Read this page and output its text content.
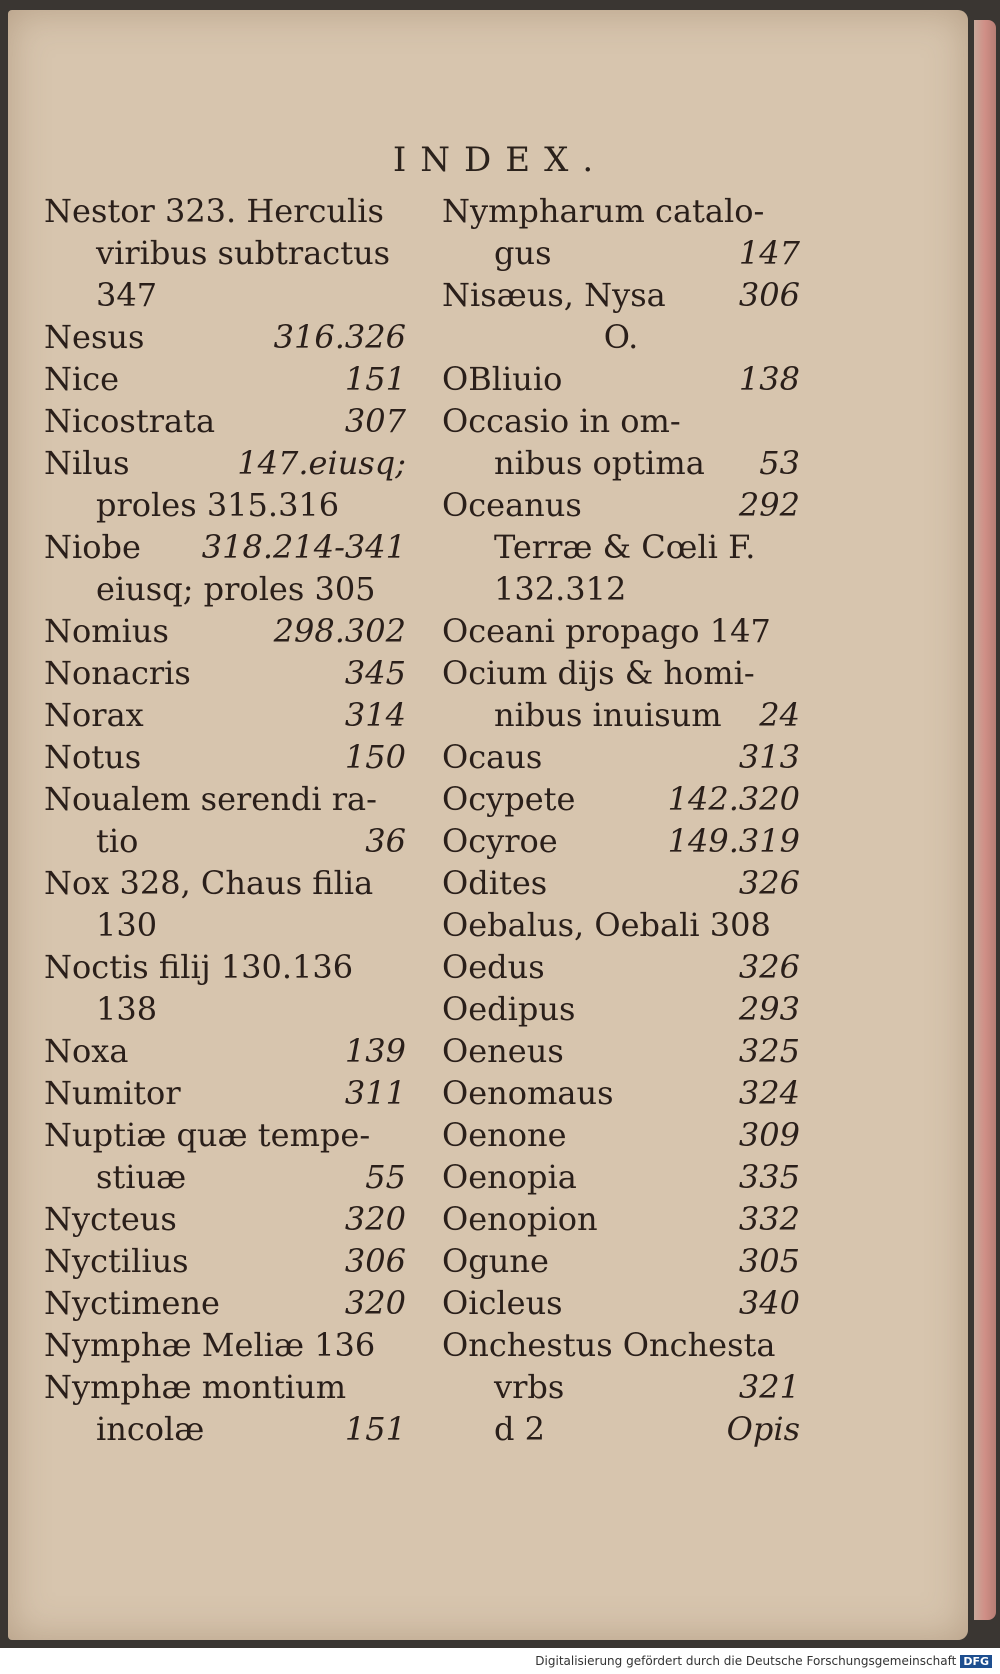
INDEX.
Nestor 323. Herculis
viribus subtractus
347
Nesus	316.326
Nice	151
Nicostrata	307
Nilus	147.eiusq;
proles 315.316
Niobe 318.214-341
eiusq; proles 305
Nomius	298.302
Nonacris	345
Norax	314
Notus	150
Noualem serendi ra-
tio	36
Nox 328, Chaus filia
130
Noctis filij 130.136
138
Noxa	139
Numitor	311
Nuptiæ quæ tempe-
stiuæ	55
Nycteus	320
Nyctilius	306
Nyctimene	320
Nymphæ Meliæ 136
Nymphæ montium
incolæ	151
Nympharum catalo-
gus	147
Nisæus, Nysa 306
O.
OBliuio	138
Occasio in om-
nibus optima 53
Oceanus	292
Terræ & Cœli F.
132.312
Oceani propago 147
Ocium dijs & homi-
nibus inuisum 24
Ocaus	313
Ocypete	142.320
Ocyroe	149.319
Odites	326
Oebalus, Oebali 308
Oedus	326
Oedipus	293
Oeneus	325
Oenomaus	324
Oenone	309
Oenopia	335
Oenopion	332
Ogune	305
Oicleus	340
Onchestus Onchesta
vrbs	321
d 2	Opis
Digitalisierung gefördert durch die Deutsche Forschungsgemeinschaft DFG
